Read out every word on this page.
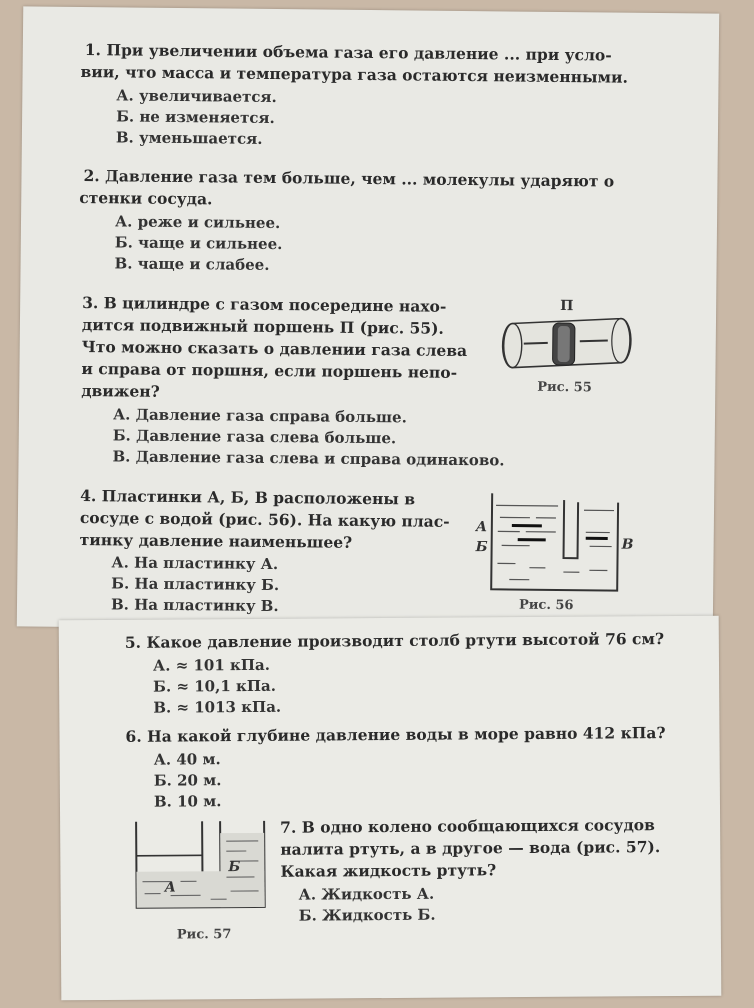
1. При увеличении объема газа его давление ... при усло-

вии, что масса и температура газа остаются неизменными.

А. увеличивается.
Б. не изменяется.
В. уменьшается.

2. Давление газа тем больше, чем ... молекулы ударяют о

стенки сосуда.

А. реже и сильнее.
Б. чаще и сильнее.
В. чаще и слабее.

3. В цилиндре с газом посередине нахо-

дится подвижный поршень П (рис. 55).

Что можно сказать о давлении газа слева

и справа от поршня, если поршень непо-

движен?

А. Давление газа справа больше.
Б. Давление газа слева больше.
В. Давление газа слева и справа одинаково.
П
Рис. 55

4. Пластинки А, Б, В расположены в

сосуде с водой (рис. 56). На какую плас-

тинку давление наименьшее?

А. На пластинку А.
Б. На пластинку Б.
В. На пластинку В.
А
Б	В
Рис. 56

5. Какое давление производит столб ртути высотой 76 см?

А. ≈ 101 кПа.
Б. ≈ 10,1 кПа.
В. ≈ 1013 кПа.

6. На какой глубине давление воды в море равно 412 кПа?

А. 40 м.
Б. 20 м.
В. 10 м.
А
Б
Рис. 57

7. В одно колено сообщающихся сосудов

налита ртуть, а в другое — вода (рис. 57).

Какая жидкость ртуть?

А. Жидкость А.
Б. Жидкость Б.
